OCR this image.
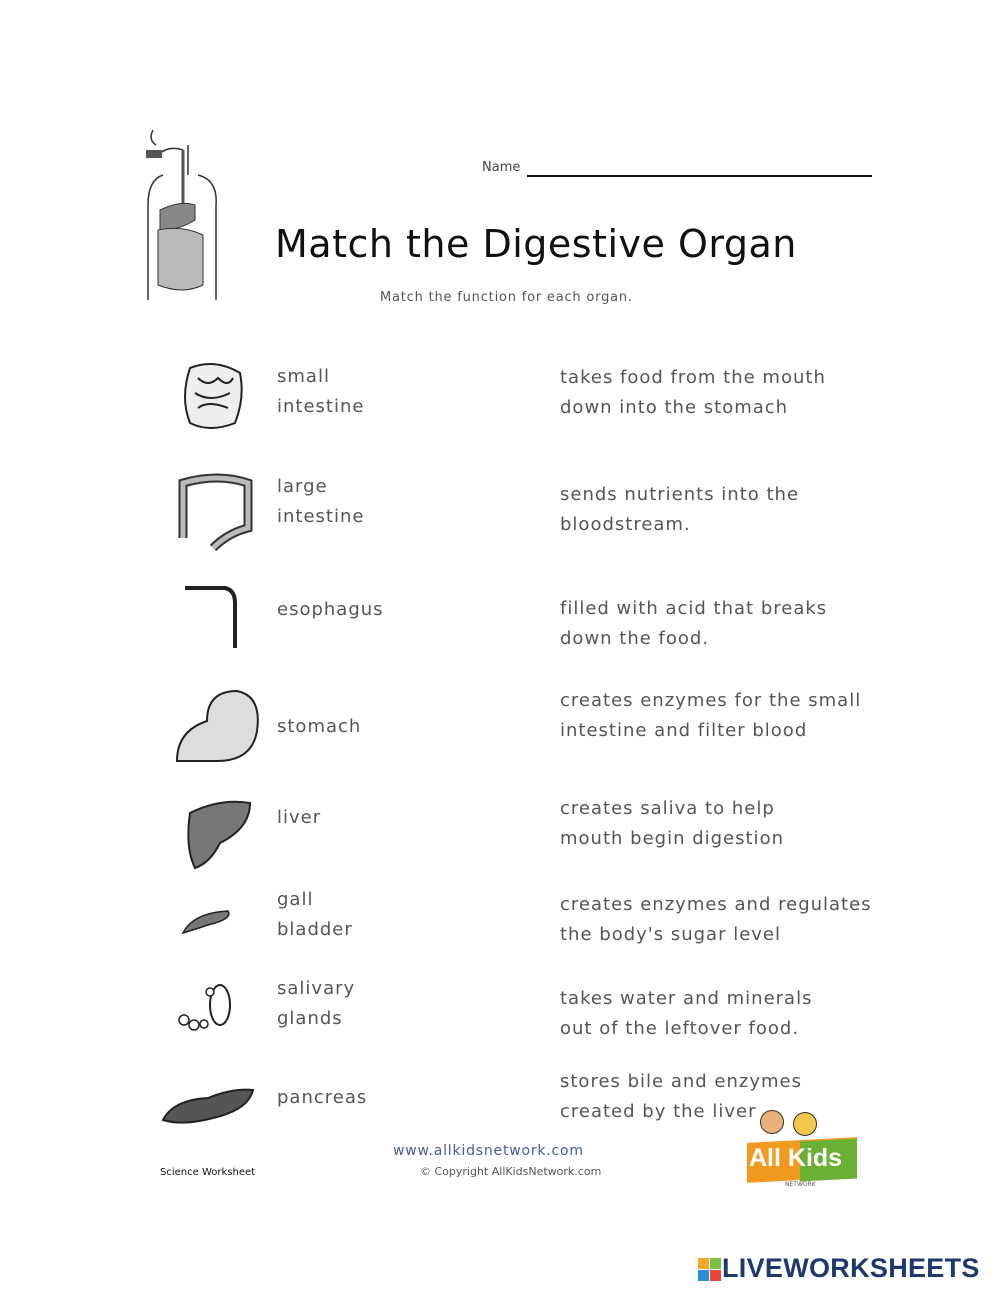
Name
Match the Digestive Organ
Match the function for each organ.
small
intestine
large
intestine
esophagus
stomach
liver
gall
bladder
salivary
glands
pancreas
takes food from the mouth
down into the stomach
sends nutrients into the
bloodstream.
filled with acid that breaks
down the food.
creates enzymes for the small
intestine and filter blood
creates saliva to help
mouth begin digestion
creates enzymes and regulates
the body's sugar level
takes water and minerals
out of the leftover food.
stores bile and enzymes
created by the liver
Science Worksheet
www.allkidsnetwork.com
© Copyright AllKidsNetwork.com	All Kids
NETWORK
LIVEWORKSHEETS
